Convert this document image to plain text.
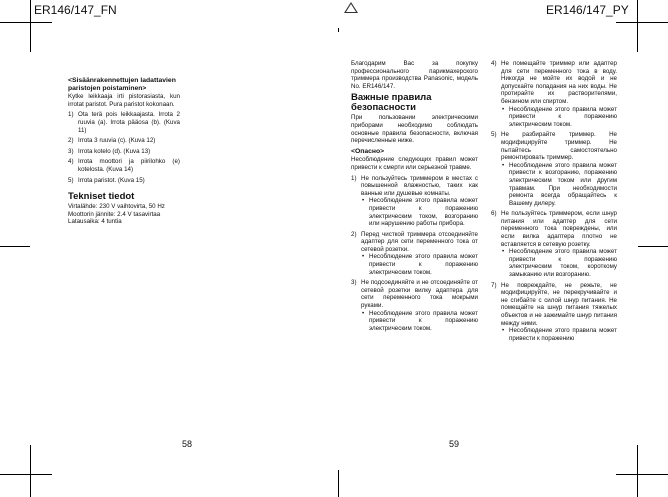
ER146/147_FN	ER146/147_PY
<Sisäänrakennettujen ladattavien paristojen poistaminen>

Kytke leikkaaja irti pistorasiasta, kun irrotat paristot. Pura paristot kokonaan.

1) Ota terä pois leikkaajasta. Irrota 2 ruuvia (a). Irrota pääosa (b). (Kuva 11)
2) Irrota 3 ruuvia (c). (Kuva 12)
3) Irrota kotelo (d). (Kuva 13)
4) Irrota moottori ja piirilohko (e) kotelosta. (Kuva 14)
5) Irrota paristot. (Kuva 15)
Tekniset tiedot
Virtalähde: 230 V vaihtovirta, 50 Hz
Moottorin jännite: 2.4 V tasavirtaa
Latausaika: 4 tuntia

Благодарим Вас за покупку профессионального парикмахерского триммера производства Panasonic, модель No. ER146/147.

Важные правила безопасности

При пользовании электрическими приборами необходимо соблюдать основные правила безопасности, включая перечисленные ниже.

<Опасно>

Несоблюдение следующих правил может привести к смерти или серьезной травме.

1) Не пользуйтесь триммером в местах с повышенной влажностью, таких как ванные или душевые комнаты.
• Несоблюдение этого правила может привести к поражению электрическим током, возгоранию или нарушению работы прибора.
2) Перед чисткой триммера отсоединяйте адаптер для сети переменного тока от сетевой розетки.
• Несоблюдение этого правила может привести к поражению электрическим током.
3) Не подсоединяйте и не отсоединяйте от сетевой розетки вилку адаптера для сети переменного тока мокрыми руками.
• Несоблюдение этого правила может привести к поражению электрическим током.
4) Не помещайте триммер или адаптер для сети переменного тока в воду. Никогда не мойте их водой и не допускайте попадания на них воды. Не протирайте их растворителями, бензином или спиртом.
• Несоблюдение этого правила может привести к поражению электрическим током.
5) Не разбирайте триммер. Не модифицируйте триммер. Не пытайтесь самостоятельно ремонтировать триммер.
• Несоблюдение этого правила может привести к возгоранию, поражению электрическим током или другим травмам. При необходимости ремонта всегда обращайтесь к Вашему дилеру.
6) Не пользуйтесь триммером, если шнур питания или адаптер для сети переменного тока повреждены, или если вилка адаптера плотно не вставляется в сетевую розетку.
• Несоблюдение этого правила может привести к поражению электрическим током, короткому замыканию или возгоранию.
7) Не повреждайте, не режьте, не модифицируйте, не перекручивайте и не сгибайте с силой шнур питания. Не помещайте на шнур питания тяжелых объектов и не зажимайте шнур питания между ними.
• Несоблюдение этого правила может привести к поражению
58	59
